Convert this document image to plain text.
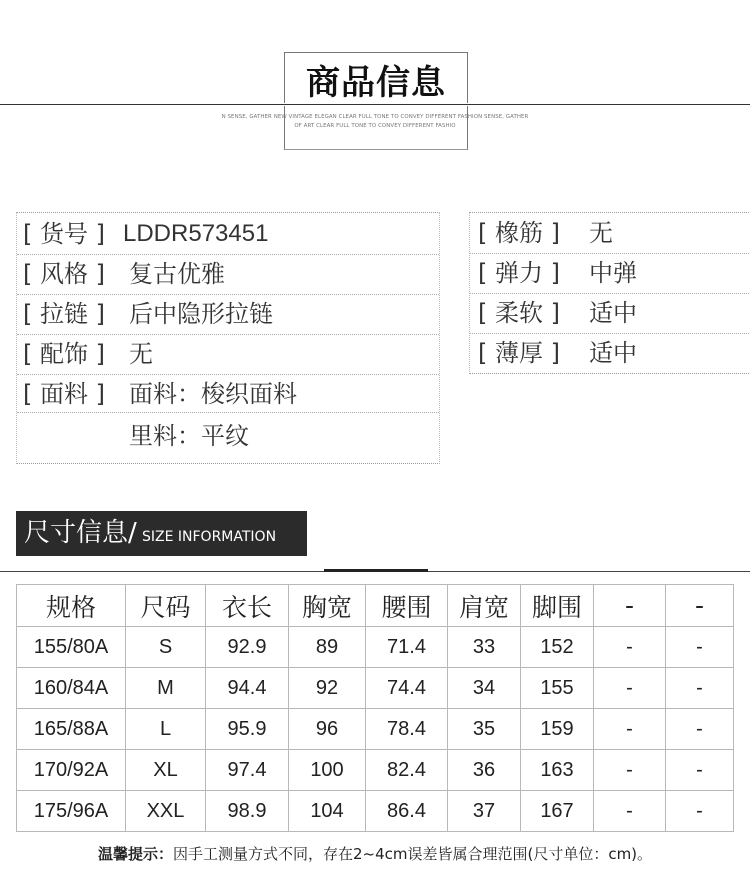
商品信息
N SENSE, GATHER NEW VINTAGE ELEGAN CLEAR FULL TONE TO CONVEY DIFFERENT FASHION SENSE, GATHER
OF ART CLEAR FULL TONE TO CONVEY DIFFERENT FASHIO
[ 货号 ] LDDR573451
[ 风格 ] 复古优雅
[ 拉链 ] 后中隐形拉链
[ 配饰 ] 无
[ 面料 ] 面料：梭织面料
里料：平纹
[ 橡筋 ] 无
[ 弹力 ] 中弹
[ 柔软 ] 适中
[ 薄厚 ] 适中
尺寸信息/ SIZE INFORMATION
规格	尺码	衣长	胸宽	腰围	肩宽	脚围	-	-
155/80A	S	92.9	89	71.4	33	152	-	-
160/84A	M	94.4	92	74.4	34	155	-	-
165/88A	L	95.9	96	78.4	35	159	-	-
170/92A	XL	97.4	100	82.4	36	163	-	-
175/96A	XXL	98.9	104	86.4	37	167	-	-
温馨提示：因手工测量方式不同，存在2~4cm误差皆属合理范围(尺寸单位：cm)。
